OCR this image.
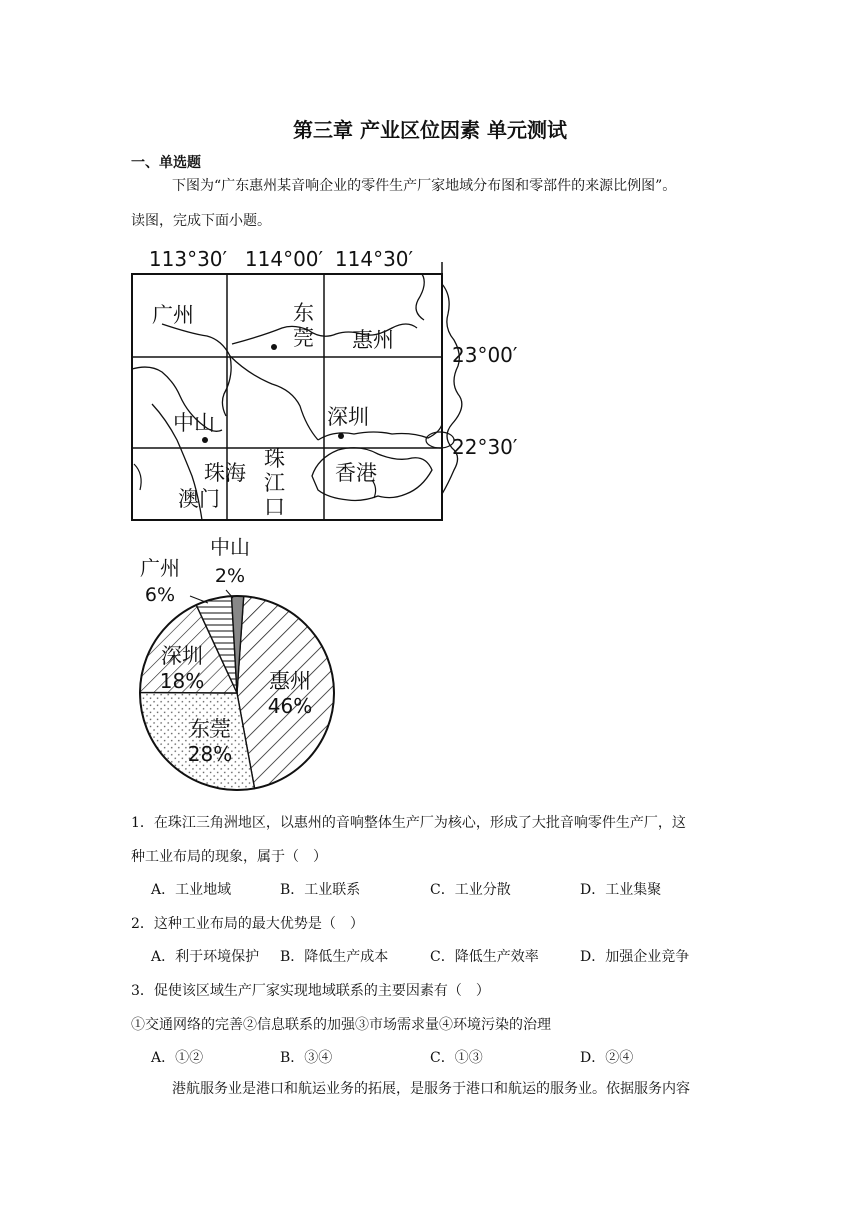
第三章 产业区位因素 单元测试
一、单选题
下图为“广东惠州某音响企业的零件生产厂家地域分布图和零部件的来源比例图”。
读图，完成下面小题。
113°30′ 114°00′ 114°30′
23°00′
22°30′
广州	东
莞 惠州
中山	深圳
珠海
澳门
珠
江
口
香港
中山
2%
广州
6%
深圳
18%	惠州
46%
东莞
28%
1．在珠江三角洲地区，以惠州的音响整体生产厂为核心，形成了大批音响零件生产厂，这
种工业布局的现象，属于（　）
A．工业地域	B．工业联系	C．工业分散	D．工业集聚
2．这种工业布局的最大优势是（　）
A．利于环境保护 B．降低生产成本	C．降低生产效率	D．加强企业竞争
3．促使该区域生产厂家实现地域联系的主要因素有（　）
①交通网络的完善②信息联系的加强③市场需求量④环境污染的治理
A．①②	B．③④	C．①③	D．②④
港航服务业是港口和航运业务的拓展，是服务于港口和航运的服务业。依据服务内容
